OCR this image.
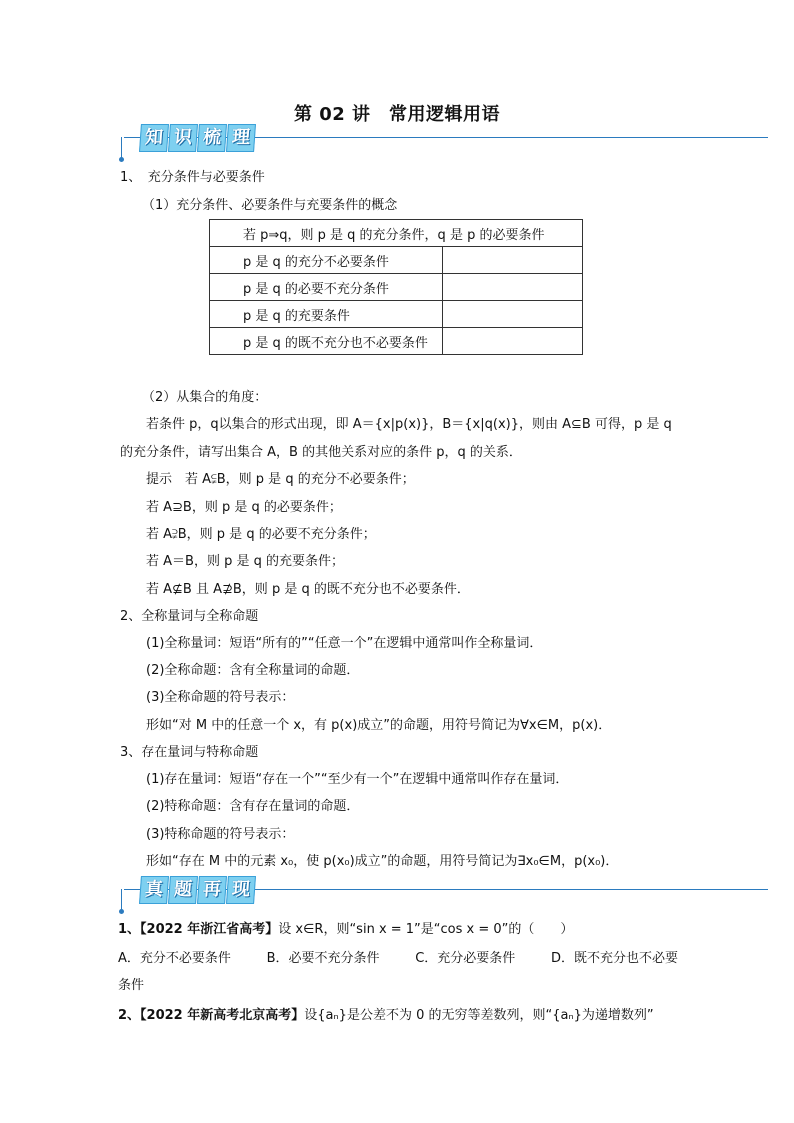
第 02 讲　常用逻辑用语
知 识 梳 理
1、　充分条件与必要条件
（1）充分条件、必要条件与充要条件的概念
若 p⇒q，则 p 是 q 的充分条件，q 是 p 的必要条件	
p 是 q 的充分不必要条件	
p 是 q 的必要不充分条件	
p 是 q 的充要条件	
p 是 q 的既不充分也不必要条件	
（2）从集合的角度：
若条件 p，q以集合的形式出现，即 A＝{x|p(x)}，B＝{x|q(x)}，则由 A⊆B 可得，p 是 q
的充分条件，请写出集合 A，B 的其他关系对应的条件 p，q 的关系．
提示　若 A⫋B，则 p 是 q 的充分不必要条件；
若 A⊇B，则 p 是 q 的必要条件；
若 A⫌B，则 p 是 q 的必要不充分条件；
若 A＝B，则 p 是 q 的充要条件；
若 A⊈B 且 A⊉B，则 p 是 q 的既不充分也不必要条件．
2、全称量词与全称命题
(1)全称量词：短语“所有的”“任意一个”在逻辑中通常叫作全称量词．
(2)全称命题：含有全称量词的命题．
(3)全称命题的符号表示：
形如“对 M 中的任意一个 x，有 p(x)成立”的命题，用符号简记为∀x∈M，p(x)．
3、存在量词与特称命题
(1)存在量词：短语“存在一个”“至少有一个”在逻辑中通常叫作存在量词．
(2)特称命题：含有存在量词的命题．
(3)特称命题的符号表示：
形如“存在 M 中的元素 x₀，使 p(x₀)成立”的命题，用符号简记为∃x₀∈M，p(x₀)．
真 题 再 现
1、【2022 年浙江省高考】设 x∈R，则“sin x = 1”是“cos x = 0”的（　　）
A．充分不必要条件	B．必要不充分条件	C．充分必要条件	D．既不充分也不必要
条件
2、【2022 年新高考北京高考】设{aₙ}是公差不为 0 的无穷等差数列，则“{aₙ}为递增数列”
